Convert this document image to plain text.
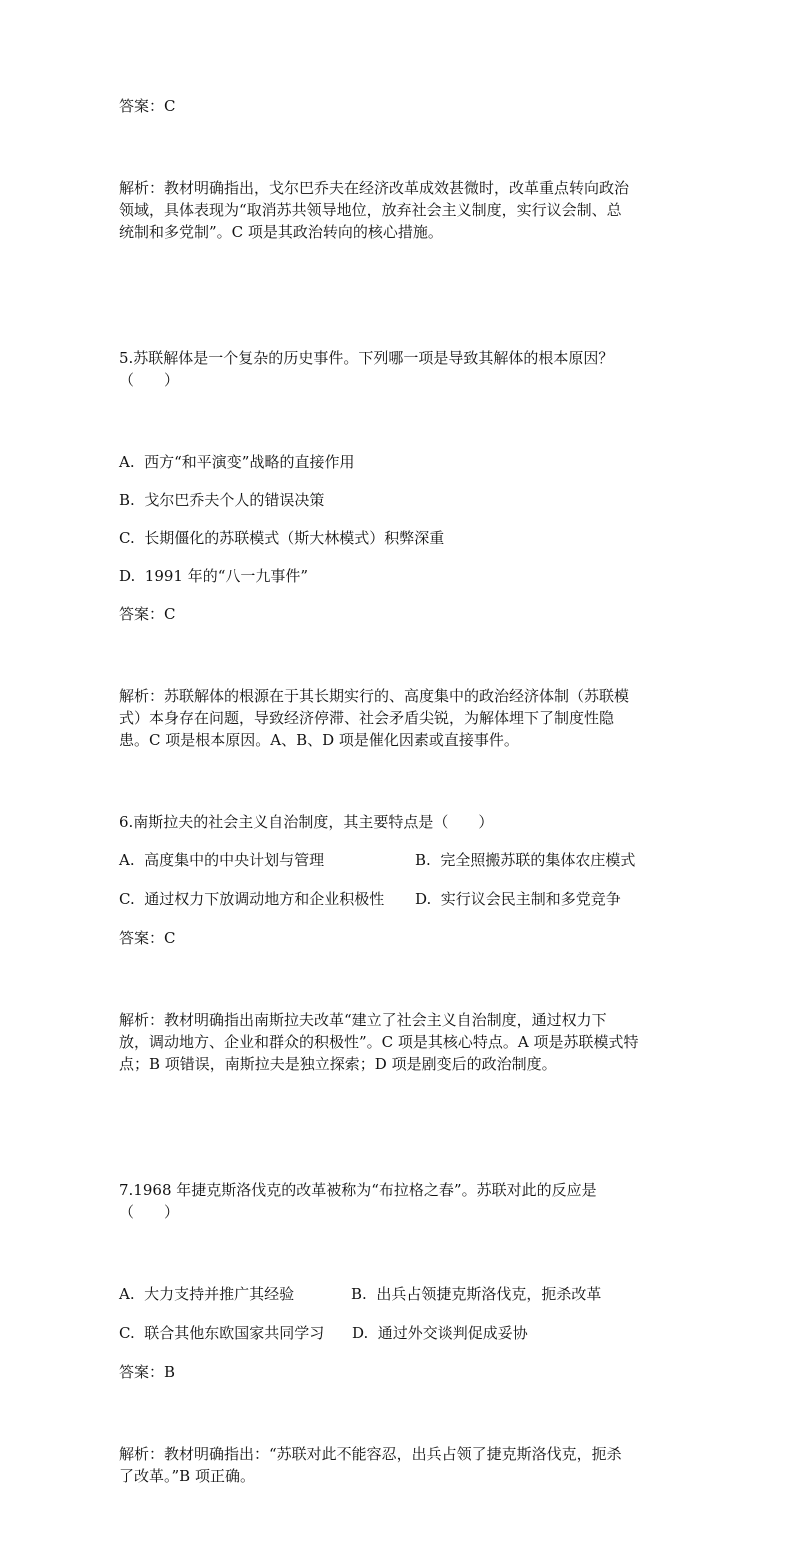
答案：C

解析：教材明确指出，戈尔巴乔夫在经济改革成效甚微时，改革重点转向政治
领域，具体表现为“取消苏共领导地位，放弃社会主义制度，实行议会制、总
统制和多党制”。C 项是其政治转向的核心措施。

5.苏联解体是一个复杂的历史事件。下列哪一项是导致其解体的根本原因？
（　　）

A.  西方“和平演变”战略的直接作用

B.  戈尔巴乔夫个人的错误决策

C.  长期僵化的苏联模式（斯大林模式）积弊深重

D.  1991 年的“八一九事件”

答案：C

解析：苏联解体的根源在于其长期实行的、高度集中的政治经济体制（苏联模
式）本身存在问题，导致经济停滞、社会矛盾尖锐，为解体埋下了制度性隐
患。C 项是根本原因。A、B、D 项是催化因素或直接事件。

6.南斯拉夫的社会主义自治制度，其主要特点是（　　）

A.  高度集中的中央计划与管理	B.  完全照搬苏联的集体农庄模式
C.  通过权力下放调动地方和企业积极性	D.  实行议会民主制和多党竞争

答案：C

解析：教材明确指出南斯拉夫改革“建立了社会主义自治制度，通过权力下
放，调动地方、企业和群众的积极性”。C 项是其核心特点。A 项是苏联模式特
点；B 项错误，南斯拉夫是独立探索；D 项是剧变后的政治制度。

7.1968 年捷克斯洛伐克的改革被称为“布拉格之春”。苏联对此的反应是
（　　）

A.  大力支持并推广其经验	B.  出兵占领捷克斯洛伐克，扼杀改革
C.  联合其他东欧国家共同学习	D.  通过外交谈判促成妥协

答案：B

解析：教材明确指出：“苏联对此不能容忍，出兵占领了捷克斯洛伐克，扼杀
了改革。”B 项正确。
